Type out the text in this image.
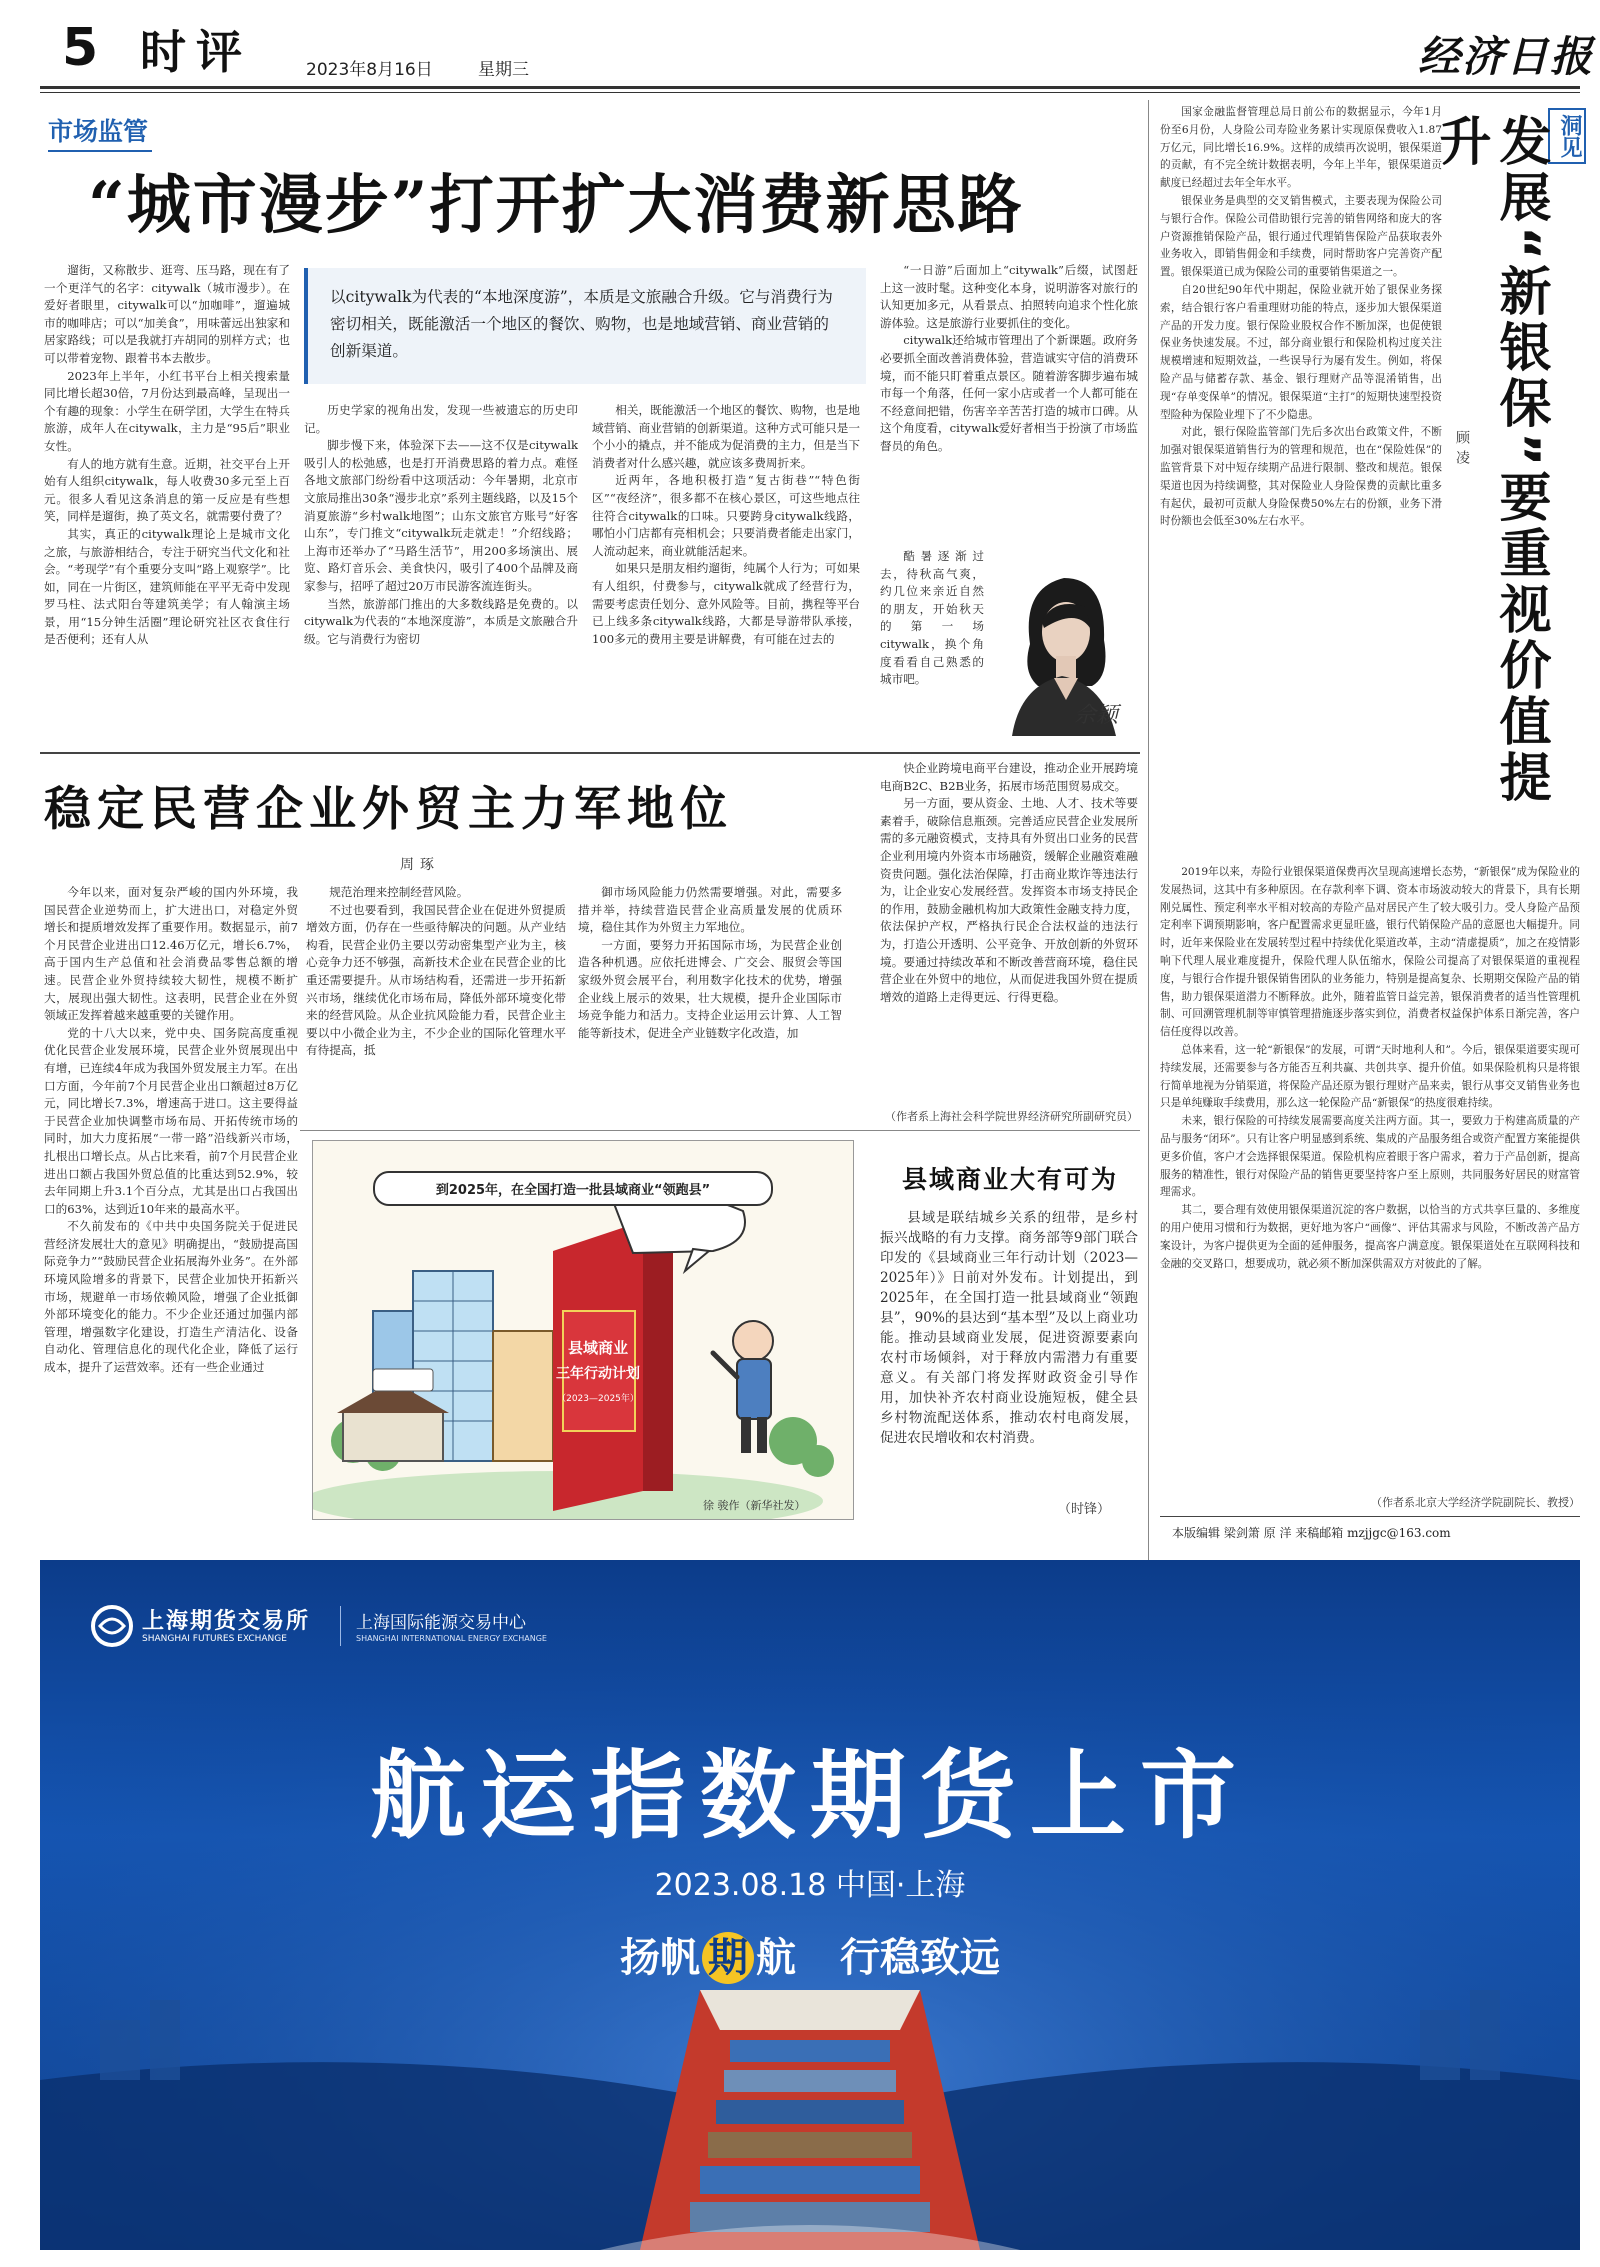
5 时评	2023年8月16日	星期三	经济日报
市场监管
“城市漫步”打开扩大消费新思路

遛街，又称散步、逛弯、压马路，现在有了一个更洋气的名字：citywalk（城市漫步）。在爱好者眼里，citywalk可以“加咖啡”，遛遍城市的咖啡店；可以“加美食”，用味蕾远出独家和居家路线；可以是我就打卉胡同的别样方式；也可以带着宠物、跟着书本去散步。

2023年上半年，小红书平台上相关搜索量同比增长超30倍，7月份达到最高峰，呈现出一个有趣的现象：小学生在研学团，大学生在特兵旅游，成年人在citywalk，主力是“95后”职业女性。

有人的地方就有生意。近期，社交平台上开始有人组织citywalk，每人收费30多元至上百元。很多人看见这条消息的第一反应是有些想笑，同样是遛街，换了英文名，就需要付费了？

其实，真正的citywalk理论上是城市文化之旅，与旅游相结合，专注于研究当代文化和社会。“考现学”有个重要分支叫“路上观察学”。比如，同在一片街区，建筑师能在平平无奇中发现罗马柱、法式阳台等建筑美学；有人翰演主场景，用“15分钟生活圈”理论研究社区衣食住行是否便利；还有人从

以citywalk为代表的“本地深度游”，本质是文旅融合升级。它与消费行为密切相关，既能激活一个地区的餐饮、购物，也是地域营销、商业营销的创新渠道。

历史学家的视角出发，发现一些被遗忘的历史印记。

脚步慢下来，体验深下去——这不仅是citywalk吸引人的松弛感，也是打开消费思路的着力点。难怪各地文旅部门纷纷看中这项活动：今年暑期，北京市文旅局推出30条“漫步北京”系列主题线路，以及15个消夏旅游“乡村walk地图”；山东文旅官方账号“好客山东”，专门推文“citywalk玩走就走！”介绍线路；上海市还举办了“马路生活节”，用200多场演出、展览、路灯音乐会、美食快闪，吸引了400个品牌及商家参与，招呼了超过20万市民游客流连街头。

当然，旅游部门推出的大多数线路是免费的。以citywalk为代表的“本地深度游”，本质是文旅融合升级。它与消费行为密切

相关，既能激活一个地区的餐饮、购物，也是地域营销、商业营销的创新渠道。这种方式可能只是一个小小的撬点，并不能成为促消费的主力，但是当下消费者对什么感兴趣，就应该多费周折来。

近两年，各地积极打造“复古街巷”“特色街区”“夜经济”，很多都不在核心景区，可这些地点往往符合citywalk的口味。只要跨身citywalk线路，哪怕小门店都有亮相机会；只要消费者能走出家门，人流动起来，商业就能活起来。

如果只是朋友相约遛街，纯属个人行为；可如果有人组织，付费参与，citywalk就成了经营行为，需要考虑责任划分、意外风险等。目前，携程等平台已上线多条citywalk线路，大都是导游带队承接，100多元的费用主要是讲解费，有可能在过去的

“一日游”后面加上“citywalk”后缀，试图赶上这一波时髦。这种变化本身，说明游客对旅行的认知更加多元，从看景点、拍照转向追求个性化旅游体验。这是旅游行业要抓住的变化。

citywalk还给城市管理出了个新课题。政府务必要抓全面改善消费体验，营造诚实守信的消费环境，而不能只盯着重点景区。随着游客脚步遍布城市每一个角落，任何一家小店或者一个人都可能在不经意间把错，伤害辛辛苦苦打造的城市口碑。从这个角度看，citywalk爱好者相当于扮演了市场监督员的角色。

酷暑逐渐过去，待秋高气爽，约几位来亲近自然的朋友，开始秋天的第一场citywalk，换个角度看看自己熟悉的城市吧。

佘颖
稳定民营企业外贸主力军地位
周琢

今年以来，面对复杂严峻的国内外环境，我国民营企业逆势而上，扩大进出口，对稳定外贸增长和提质增效发挥了重要作用。数据显示，前7个月民营企业进出口12.46万亿元，增长6.7%，高于国内生产总值和社会消费品零售总额的增速。民营企业外贸持续较大韧性，规模不断扩大，展现出强大韧性。这表明，民营企业在外贸领域正发挥着越来越重要的关键作用。

党的十八大以来，党中央、国务院高度重视优化民营企业发展环境，民营企业外贸展现出中有增，已连续4年成为我国外贸发展主力军。在出口方面，今年前7个月民营企业出口额超过8万亿元，同比增长7.3%，增速高于进口。这主要得益于民营企业加快调整市场布局、开拓传统市场的同时，加大力度拓展“一带一路”沿线新兴市场，扎根出口增长点。从占比来看，前7个月民营企业进出口额占我国外贸总值的比重达到52.9%，较去年同期上升3.1个百分点，尤其是出口占我国出口的63%，达到近10年来的最高水平。

不久前发布的《中共中央国务院关于促进民营经济发展壮大的意见》明确提出，“鼓励提高国际竞争力”“鼓励民营企业拓展海外业务”。在外部环境风险增多的背景下，民营企业加快开拓新兴市场，规避单一市场依赖风险，增强了企业抵御外部环境变化的能力。不少企业还通过加强内部管理，增强数字化建设，打造生产清洁化、设备自动化、管理信息化的现代化企业，降低了运行成本，提升了运营效率。还有一些企业通过

规范治理来控制经营风险。

不过也要看到，我国民营企业在促进外贸提质增效方面，仍存在一些亟待解决的问题。从产业结构看，民营企业仍主要以劳动密集型产业为主，核心竞争力还不够强，高新技术企业在民营企业的比重还需要提升。从市场结构看，还需进一步开拓新兴市场，继续优化市场布局，降低外部环境变化带来的经营风险。从企业抗风险能力看，民营企业主要以中小微企业为主，不少企业的国际化管理水平有待提高，抵

御市场风险能力仍然需要增强。对此，需要多措并举，持续营造民营企业高质量发展的优质环境，稳住其作为外贸主力军地位。

一方面，要努力开拓国际市场，为民营企业创造各种机遇。应依托进博会、广交会、服贸会等国家级外贸会展平台，利用数字化技术的优势，增强企业线上展示的效果，壮大规模，提升企业国际市场竞争能力和活力。支持企业运用云计算、人工智能等新技术，促进全产业链数字化改造，加

快企业跨境电商平台建设，推动企业开展跨境电商B2C、B2B业务，拓展市场范围贸易成交。

另一方面，要从资金、土地、人才、技术等要素着手，破除信息瓶颈。完善适应民营企业发展所需的多元融资模式，支持具有外贸出口业务的民营企业利用境内外资本市场融资，缓解企业融资难融资贵问题。强化法治保障，打击商业欺诈等违法行为，让企业安心发展经营。发挥资本市场支持民企的作用，鼓励金融机构加大政策性金融支持力度，依法保护产权，严格执行民企合法权益的违法行为，打造公开透明、公平竞争、开放创新的外贸环境。要通过持续改革和不断改善营商环境，稳住民营企业在外贸中的地位，从而促进我国外贸在提质增效的道路上走得更远、行得更稳。

（作者系上海社会科学院世界经济研究所副研究员）
到2025年，在全国打造一批县域商业“领跑县”
县域商业
三年行动计划
（2023—2025年）
徐 骏作（新华社发）
县域商业大有可为

县域是联结城乡关系的纽带，是乡村振兴战略的有力支撑。商务部等9部门联合印发的《县域商业三年行动计划（2023—2025年）》日前对外发布。计划提出，到2025年，在全国打造一批县域商业“领跑县”，90%的县达到“基本型”及以上商业功能。推动县域商业发展，促进资源要素向农村市场倾斜，对于释放内需潜力有重要意义。有关部门将发挥财政资金引导作用，加快补齐农村商业设施短板，健全县乡村物流配送体系，推动农村电商发展，促进农民增收和农村消费。

（时锋）
洞见
发展“新银保”要重视价值提升
顾凌

国家金融监督管理总局日前公布的数据显示，今年1月份至6月份，人身险公司寿险业务累计实现原保费收入1.87万亿元，同比增长16.9%。这样的成绩再次说明，银保渠道的贡献，有不完全统计数据表明，今年上半年，银保渠道贡献度已经超过去年全年水平。

银保业务是典型的交叉销售模式，主要表现为保险公司与银行合作。保险公司借助银行完善的销售网络和庞大的客户资源推销保险产品，银行通过代理销售保险产品获取表外业务收入，即销售佣金和手续费，同时帮助客户完善资产配置。银保渠道已成为保险公司的重要销售渠道之一。

自20世纪90年代中期起，保险业就开始了银保业务探索，结合银行客户看重理财功能的特点，逐步加大银保渠道产品的开发力度。银行保险业股权合作不断加深，也促使银保业务快速发展。不过，部分商业银行和保险机构过度关注规模增速和短期效益，一些误导行为屡有发生。例如，将保险产品与储蓄存款、基金、银行理财产品等混淆销售，出现“存单变保单”的情况。银保渠道“主打”的短期快速型投资型险种为保险业埋下了不少隐患。

对此，银行保险监管部门先后多次出台政策文件，不断加强对银保渠道销售行为的管理和规范，也在“保险姓保”的监管背景下对中短存续期产品进行限制、整改和规范。银保渠道也因为持续调整，其对保险业人身险保费的贡献比重多有起伏，最初可贡献人身险保费50%左右的份额，业务下滑时份额也会低至30%左右水平。

2019年以来，寿险行业银保渠道保费再次呈现高速增长态势，“新银保”成为保险业的发展热词，这其中有多种原因。在存款利率下调、资本市场波动较大的背景下，具有长期刚兑属性、预定利率水平相对较高的寿险产品对居民产生了较大吸引力。受人身险产品预定利率下调预期影响，客户配置需求更显旺盛，银行代销保险产品的意愿也大幅提升。同时，近年来保险业在发展转型过程中持续优化渠道改革，主动“清虚提质”，加之在疫情影响下代理人展业难度提升，保险代理人队伍缩水，保险公司提高了对银保渠道的重视程度，与银行合作提升银保销售团队的业务能力，特别是提高复杂、长期期交保险产品的销售，助力银保渠道潜力不断释放。此外，随着监管日益完善，银保消费者的适当性管理机制、可回溯管理机制等审慎管理措施逐步落实到位，消费者权益保护体系日渐完善，客户信任度得以改善。

总体来看，这一轮“新银保”的发展，可谓“天时地利人和”。今后，银保渠道要实现可持续发展，还需要参与各方能否互利共赢、共创共享、提升价值。如果保险机构只是将银行简单地视为分销渠道，将保险产品还原为银行理财产品来卖，银行从事交叉销售业务也只是单纯赚取手续费用，那么这一轮保险产品“新银保”的热度很难持续。

未来，银行保险的可持续发展需要高度关注两方面。其一，要致力于构建高质量的产品与服务“闭环”。只有让客户明显感到系统、集成的产品服务组合或资产配置方案能提供更多价值，客户才会选择银保渠道。保险机构应着眼于客户需求，着力于产品创新，提高服务的精准性，银行对保险产品的销售更要坚持客户至上原则，共同服务好居民的财富管理需求。

其二，要合理有效使用银保渠道沉淀的客户数据，以恰当的方式共享巨量的、多维度的用户使用习惯和行为数据，更好地为客户“画像”、评估其需求与风险，不断改善产品方案设计，为客户提供更为全面的延伸服务，提高客户满意度。银保渠道处在互联网科技和金融的交叉路口，想要成功，就必须不断加深供需双方对彼此的了解。

（作者系北京大学经济学院副院长、教授）
本版编辑 梁剑箫 原 洋 来稿邮箱 mzjjgc@163.com
上海期货交易所
SHANGHAI FUTURES EXCHANGE
上海国际能源交易中心
SHANGHAI INTERNATIONAL ENERGY EXCHANGE
航运指数期货上市
2023.08.18 中国·上海
扬帆 期 航 行稳致远
